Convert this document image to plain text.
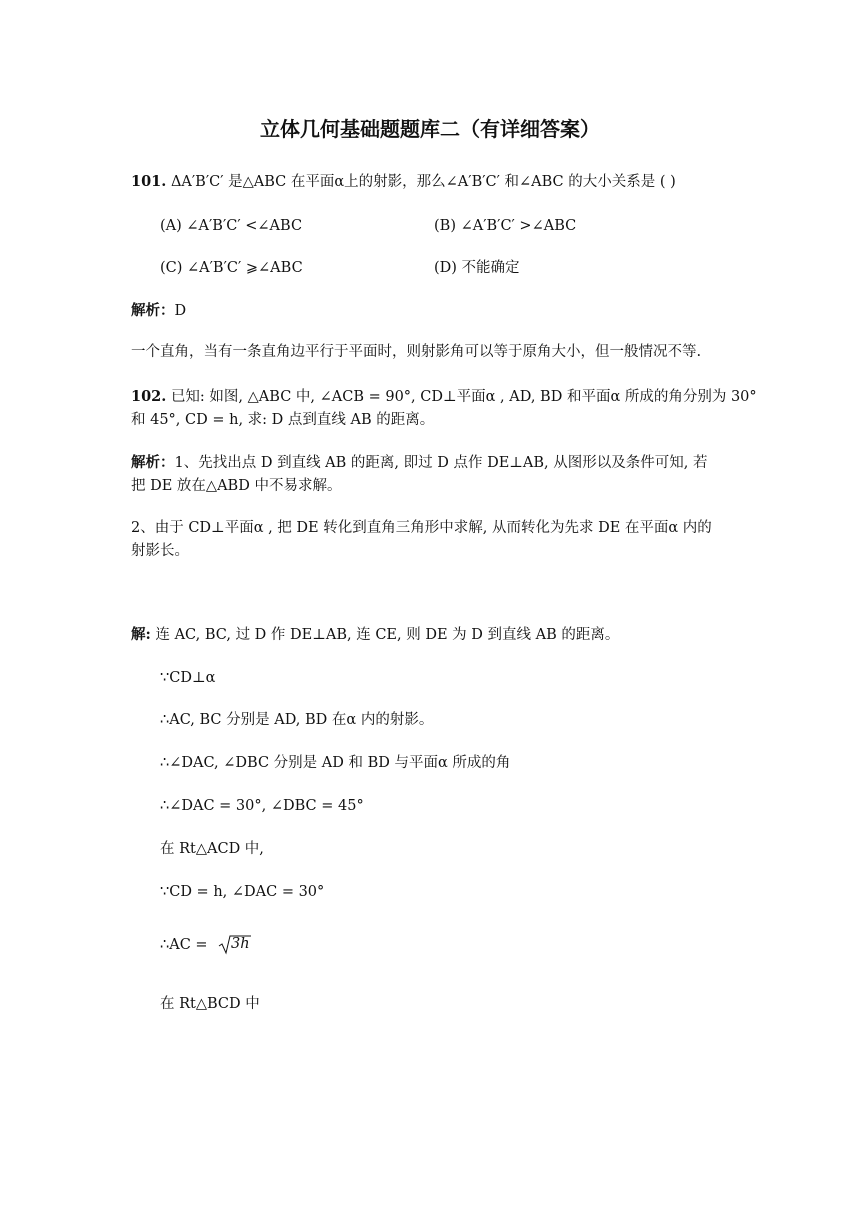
立体几何基础题题库二（有详细答案）
101. ΔA′B′C′ 是△ABC 在平面α上的射影，那么∠A′B′C′ 和∠ABC 的大小关系是 ( )
(A) ∠A′B′C′ <∠ABC	(B) ∠A′B′C′ >∠ABC
(C) ∠A′B′C′ ⩾∠ABC	(D) 不能确定
解析：D
一个直角，当有一条直角边平行于平面时，则射影角可以等于原角大小，但一般情况不等.
102. 已知: 如图, △ABC 中, ∠ACB = 90°, CD⊥平面α , AD, BD 和平面α 所成的角分别为 30°
和 45°, CD = h, 求: D 点到直线 AB 的距离。
解析：1、先找出点 D 到直线 AB 的距离, 即过 D 点作 DE⊥AB, 从图形以及条件可知, 若
把 DE 放在△ABD 中不易求解。
2、由于 CD⊥平面α , 把 DE 转化到直角三角形中求解, 从而转化为先求 DE 在平面α 内的
射影长。
解: 连 AC, BC, 过 D 作 DE⊥AB, 连 CE, 则 DE 为 D 到直线 AB 的距离。
∵CD⊥α
∴AC, BC 分别是 AD, BD 在α 内的射影。
∴∠DAC, ∠DBC 分别是 AD 和 BD 与平面α 所成的角
∴∠DAC = 30°, ∠DBC = 45°
在 Rt△ACD 中,
∵CD = h, ∠DAC = 30°
∴AC = 3h
在 Rt△BCD 中
